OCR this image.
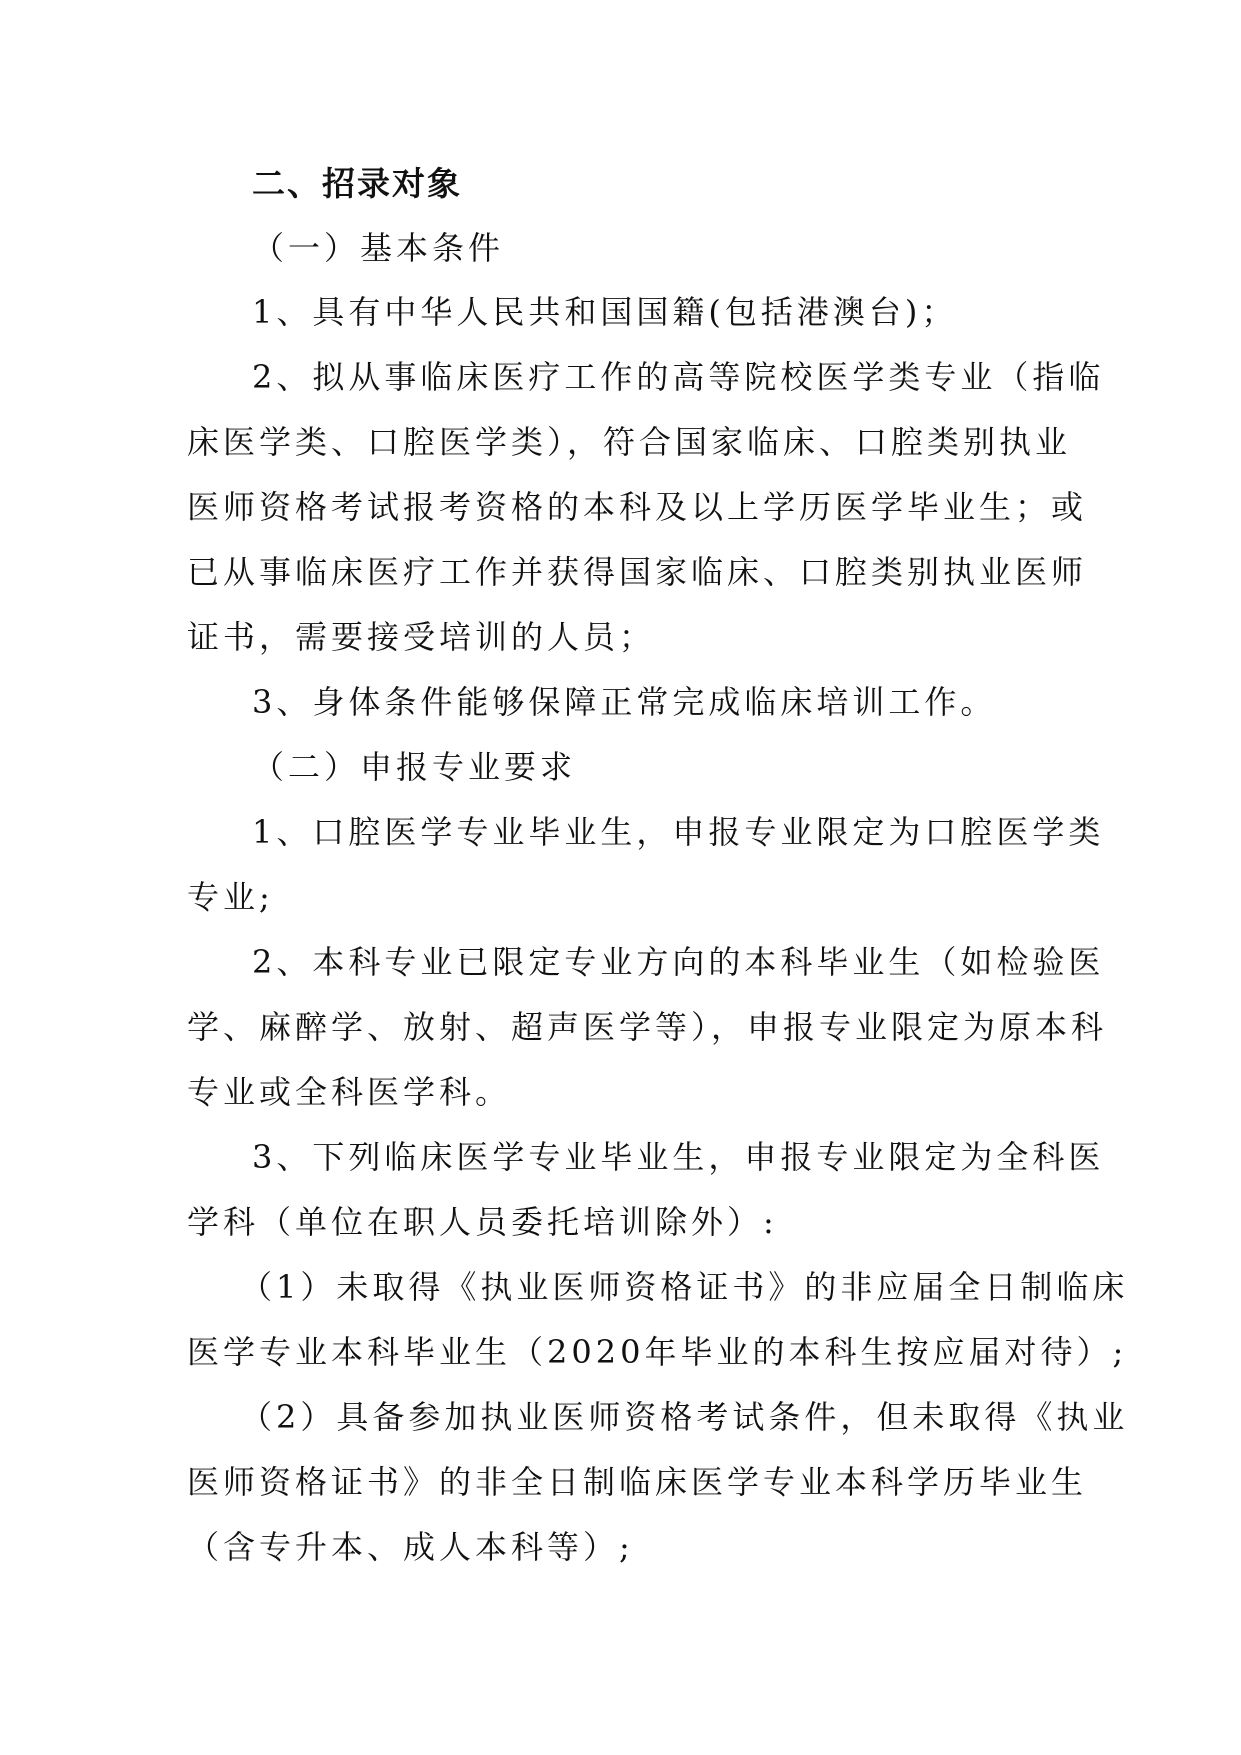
二、招录对象
（一）基本条件
1、具有中华人民共和国国籍(包括港澳台)；
2、拟从事临床医疗工作的高等院校医学类专业（指临
床医学类、口腔医学类），符合国家临床、口腔类别执业
医师资格考试报考资格的本科及以上学历医学毕业生；或
已从事临床医疗工作并获得国家临床、口腔类别执业医师
证书，需要接受培训的人员；
3、身体条件能够保障正常完成临床培训工作。
（二）申报专业要求
1、口腔医学专业毕业生，申报专业限定为口腔医学类
专业;
2、本科专业已限定专业方向的本科毕业生（如检验医
学、麻醉学、放射、超声医学等），申报专业限定为原本科
专业或全科医学科。
3、下列临床医学专业毕业生，申报专业限定为全科医
学科（单位在职人员委托培训除外）:
（1）未取得《执业医师资格证书》的非应届全日制临床
医学专业本科毕业生（2020年毕业的本科生按应届对待）;
（2）具备参加执业医师资格考试条件，但未取得《执业
医师资格证书》的非全日制临床医学专业本科学历毕业生
（含专升本、成人本科等）;
